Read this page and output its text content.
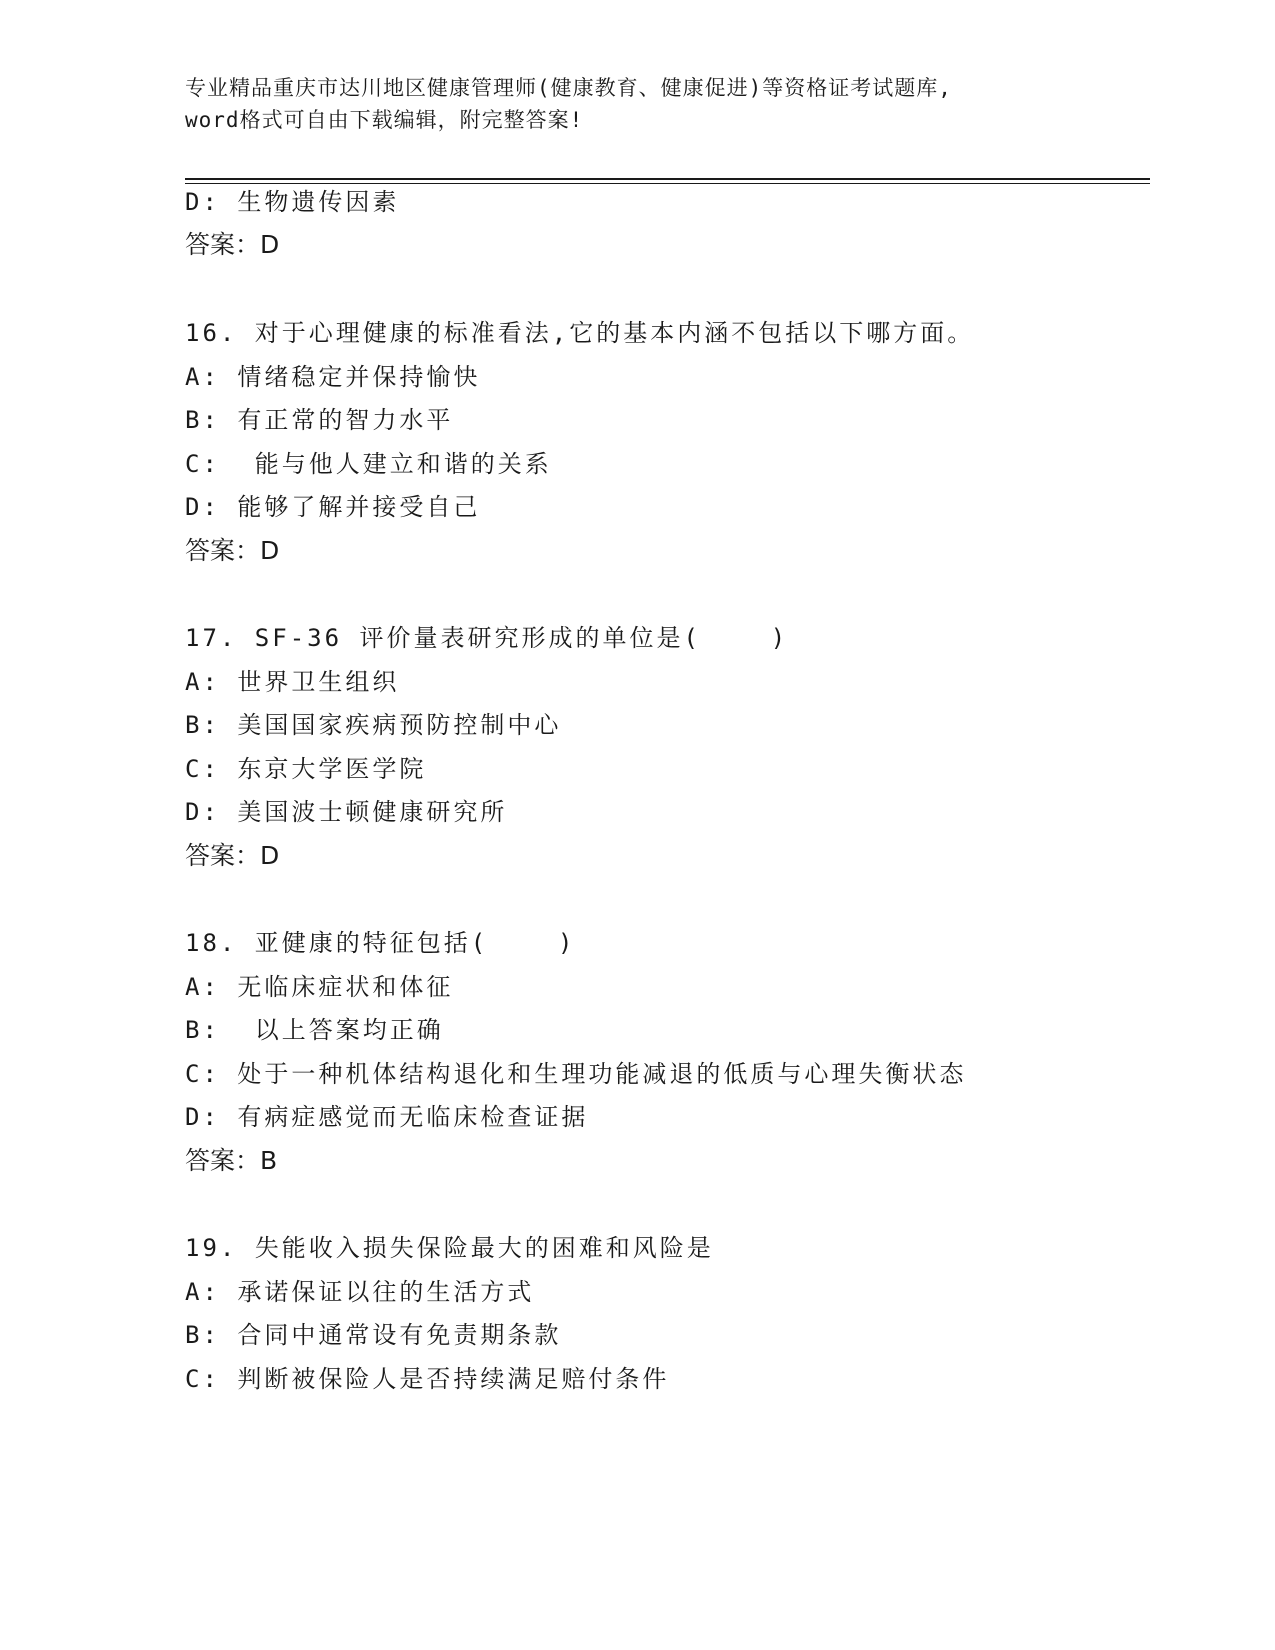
专业精品重庆市达川地区健康管理师(健康教育、健康促进)等资格证考试题库,
word格式可自由下载编辑，附完整答案!
D: 生物遗传因素
答案：D
16. 对于心理健康的标准看法,它的基本内涵不包括以下哪方面。
A: 情绪稳定并保持愉快
B: 有正常的智力水平
C:  能与他人建立和谐的关系
D: 能够了解并接受自己
答案：D
17. SF-36 评价量表研究形成的单位是(    )
A: 世界卫生组织
B: 美国国家疾病预防控制中心
C: 东京大学医学院
D: 美国波士顿健康研究所
答案：D
18. 亚健康的特征包括(    )
A: 无临床症状和体征
B:  以上答案均正确
C: 处于一种机体结构退化和生理功能减退的低质与心理失衡状态
D: 有病症感觉而无临床检查证据
答案：B
19. 失能收入损失保险最大的困难和风险是
A: 承诺保证以往的生活方式
B: 合同中通常设有免责期条款
C: 判断被保险人是否持续满足赔付条件
